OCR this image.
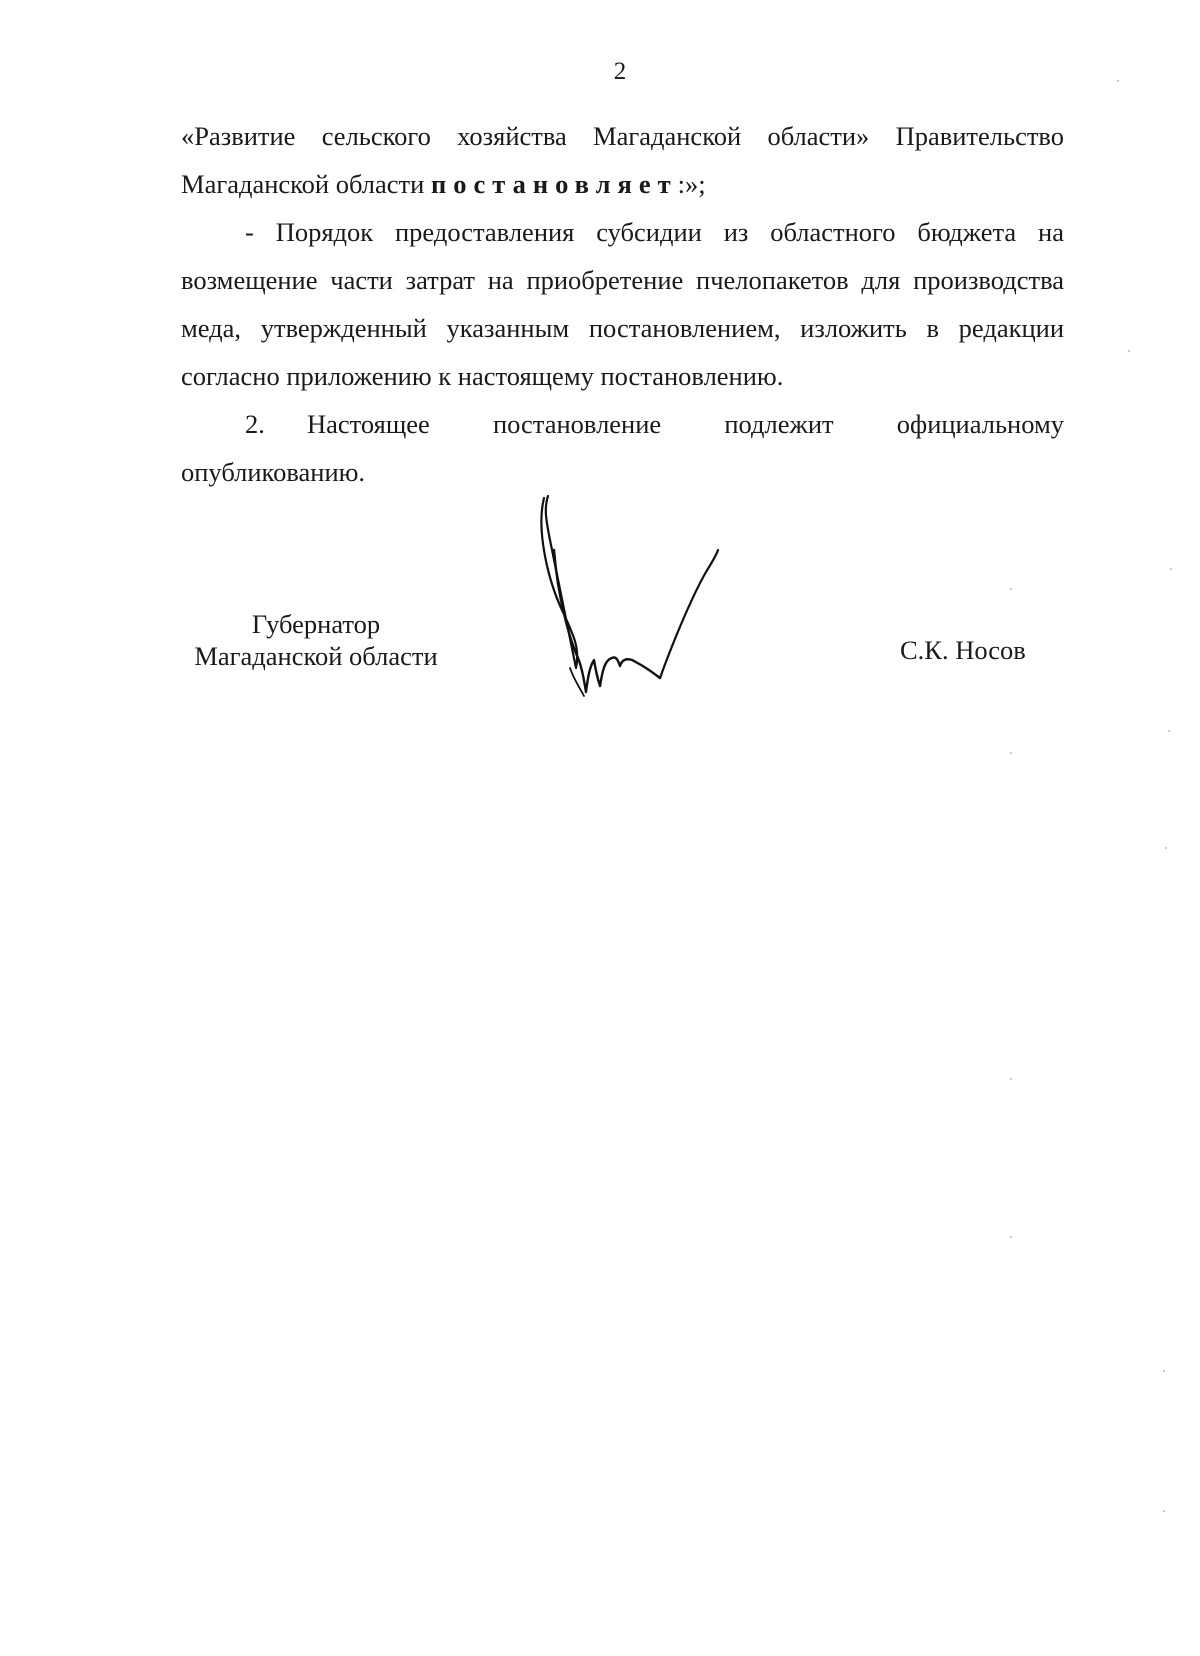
2

«Развитие сельского хозяйства Магаданской области» Правительство Магаданской области постановляет:»;

- Порядок предоставления субсидии из областного бюджета на возмещение части затрат на приобретение пчелопакетов для производства меда, утвержденный указанным постановлением, изложить в редакции согласно приложению к настоящему постановлению.

2. Настоящее постановление подлежит официальному опубликованию.

Губернатор
Магаданской области	С.К. Носов
